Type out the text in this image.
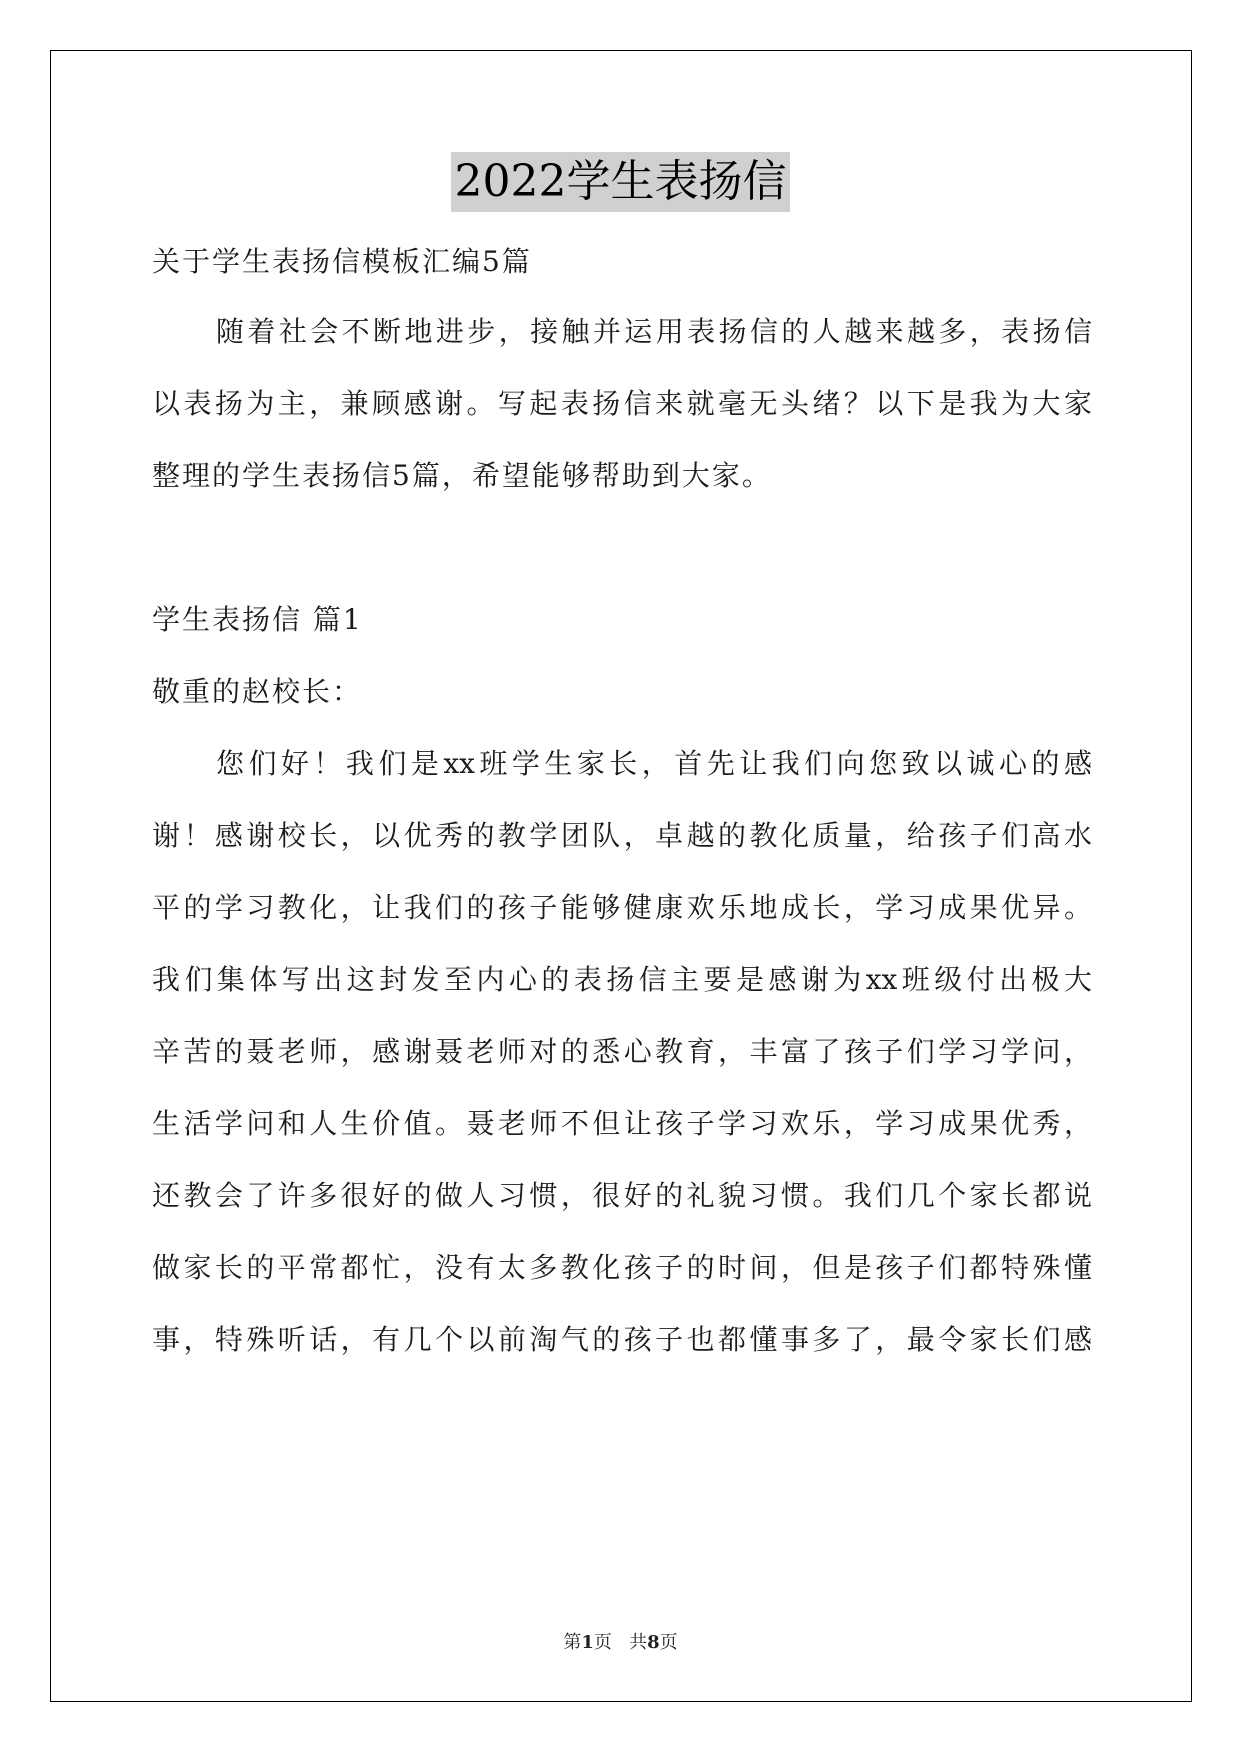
2022学生表扬信
关于学生表扬信模板汇编5篇
随着社会不断地进步，接触并运用表扬信的人越来越多，表扬信
以表扬为主，兼顾感谢。写起表扬信来就毫无头绪？以下是我为大家
整理的学生表扬信5篇，希望能够帮助到大家。
学生表扬信 篇1
敬重的赵校长：
您们好！我们是xx班学生家长，首先让我们向您致以诚心的感
谢！感谢校长，以优秀的教学团队，卓越的教化质量，给孩子们高水
平的学习教化，让我们的孩子能够健康欢乐地成长，学习成果优异。
我们集体写出这封发至内心的表扬信主要是感谢为xx班级付出极大
辛苦的聂老师，感谢聂老师对的悉心教育，丰富了孩子们学习学问，
生活学问和人生价值。聂老师不但让孩子学习欢乐，学习成果优秀，
还教会了许多很好的做人习惯，很好的礼貌习惯。我们几个家长都说
做家长的平常都忙，没有太多教化孩子的时间，但是孩子们都特殊懂
事，特殊听话，有几个以前淘气的孩子也都懂事多了，最令家长们感
第1页 共8页
